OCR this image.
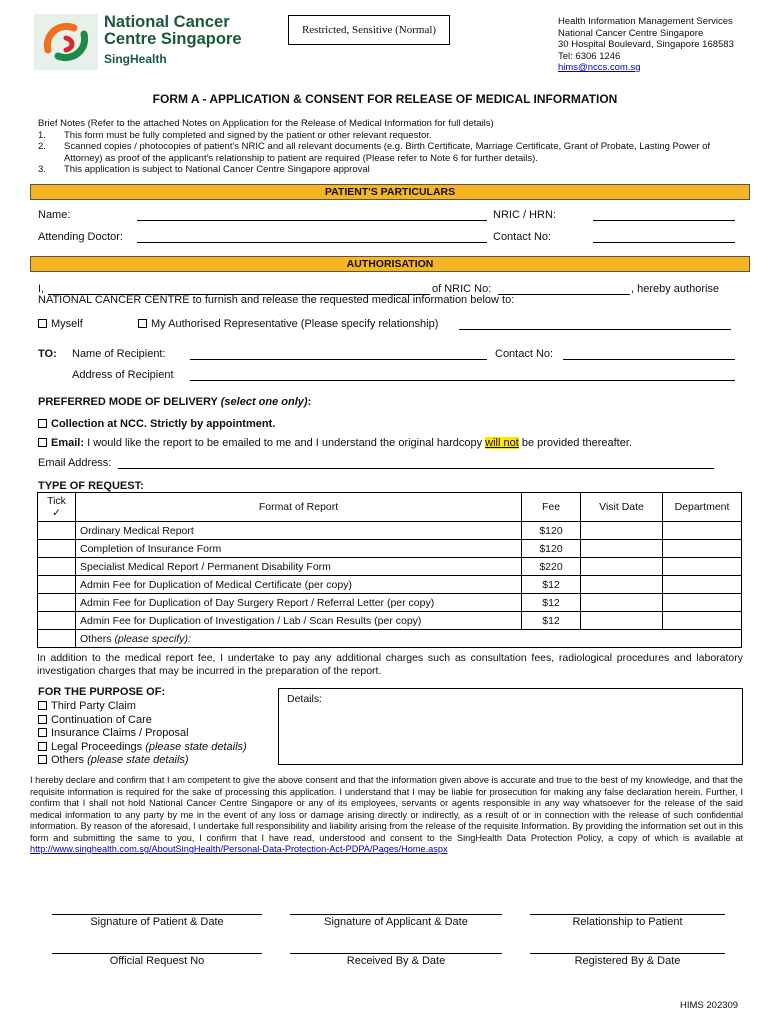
National Cancer
Centre Singapore
SingHealth
Restricted, Sensitive (Normal)
Health Information Management Services
National Cancer Centre Singapore
30 Hospital Boulevard, Singapore 168583
Tel: 6306 1246
hims@nccs.com.sg
FORM A - APPLICATION & CONSENT FOR RELEASE OF MEDICAL INFORMATION
Brief Notes (Refer to the attached Notes on Application for the Release of Medical Information for full details)
1.	This form must be fully completed and signed by the patient or other relevant requestor.
2.	Scanned copies / photocopies of patient's NRIC and all relevant documents (e.g. Birth Certificate, Marriage Certificate, Grant of Probate, Lasting Power of Attorney) as proof of the applicant's relationship to patient are required (Please refer to Note 6 for further details).
3.	This application is subject to National Cancer Centre Singapore approval
PATIENT'S PARTICULARS
Name:	NRIC / HRN:
Attending Doctor:	Contact No:
AUTHORISATION
I,	of NRIC No:	, hereby authorise
NATIONAL CANCER CENTRE to furnish and release the requested medical information below to:
Myself	My Authorised Representative (Please specify relationship)
TO: Name of Recipient:	Contact No:
Address of Recipient
PREFERRED MODE OF DELIVERY (select one only):
Collection at NCC. Strictly by appointment.
Email: I would like the report to be emailed to me and I understand the original hardcopy will not be provided thereafter.
Email Address:
TYPE OF REQUEST:
Tick
✓	Format of Report	Fee	Visit Date	Department
	Ordinary Medical Report	$120		
	Completion of Insurance Form	$120		
	Specialist Medical Report / Permanent Disability Form	$220		
	Admin Fee for Duplication of Medical Certificate (per copy)	$12		
	Admin Fee for Duplication of Day Surgery Report / Referral Letter (per copy)	$12		
	Admin Fee for Duplication of Investigation / Lab / Scan Results (per copy)	$12		
	Others (please specify):			
In addition to the medical report fee, I undertake to pay any additional charges such as consultation fees, radiological procedures and laboratory investigation charges that may be incurred in the preparation of the report.
FOR THE PURPOSE OF:
Third Party Claim
Continuation of Care
Insurance Claims / Proposal
Legal Proceedings (please state details)
Others (please state details)
Details:
I hereby declare and confirm that I am competent to give the above consent and that the information given above is accurate and true to the best of my knowledge, and that the requisite information is required for the sake of processing this application. I understand that I may be liable for prosecution for making any false declaration herein. Further, I confirm that I shall not hold National Cancer Centre Singapore or any of its employees, servants or agents responsible in any way whatsoever for the release of the said medical information to any party by me in the event of any loss or damage arising directly or indirectly, as a result of or in connection with the release of such confidential information. By reason of the aforesaid, I undertake full responsibility and liability arising from the release of the requisite Information. By providing the information set out in this form and submitting the same to you, I confirm that I have read, understood and consent to the SingHealth Data Protection Policy, a copy of which is available at http://www.singhealth.com.sg/AboutSingHealth/Personal-Data-Protection-Act-PDPA/Pages/Home.aspx
Signature of Patient & Date	Signature of Applicant & Date	Relationship to Patient
Official Request No	Received By & Date	Registered By & Date
HIMS 202309
